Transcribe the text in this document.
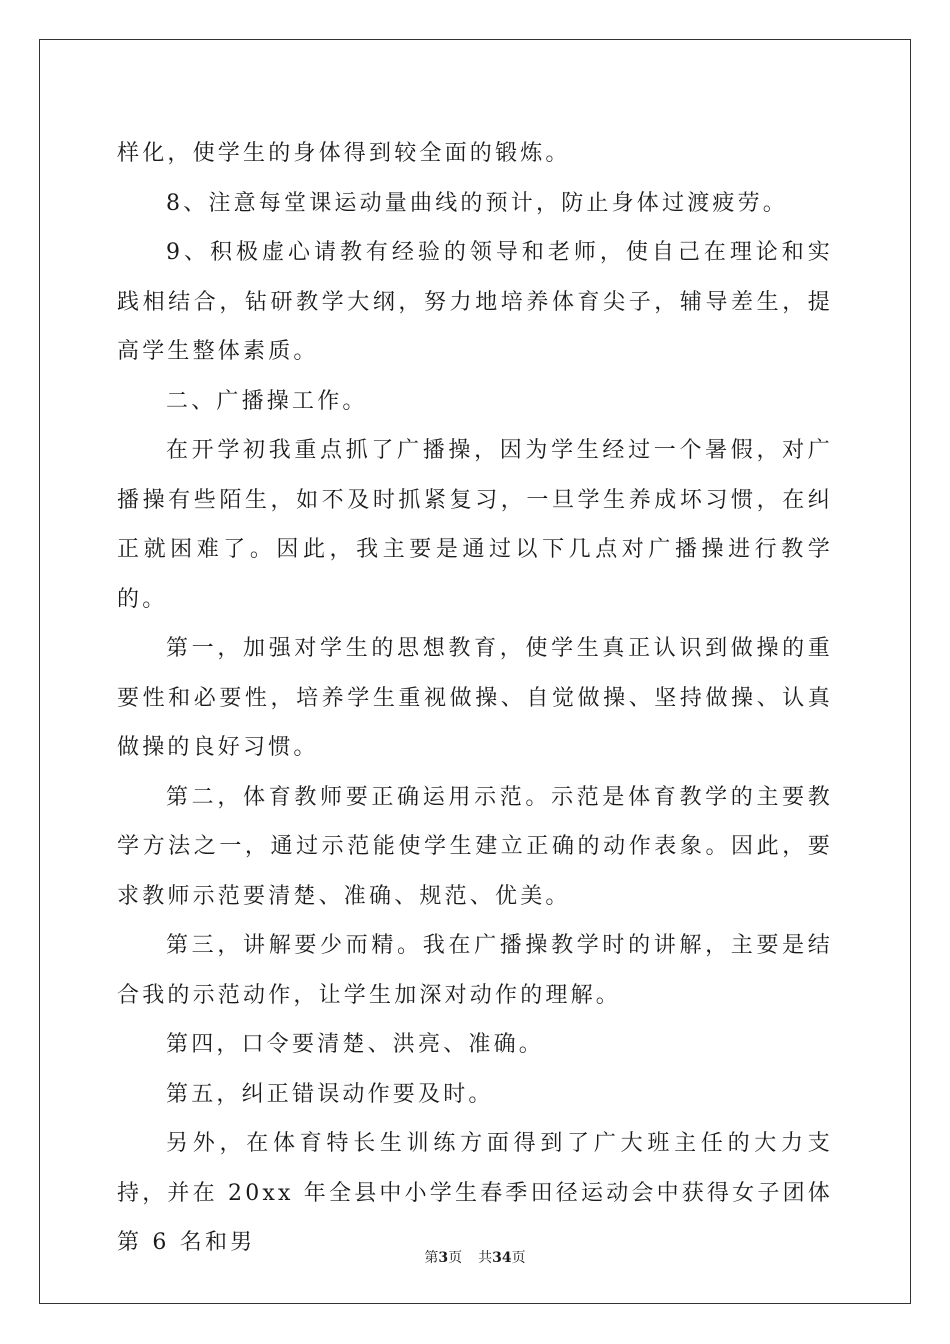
样化，使学生的身体得到较全面的锻炼。

8、注意每堂课运动量曲线的预计，防止身体过渡疲劳。

9、积极虚心请教有经验的领导和老师，使自己在理论和实践相结合，钻研教学大纲，努力地培养体育尖子，辅导差生，提高学生整体素质。

二、广播操工作。

在开学初我重点抓了广播操，因为学生经过一个暑假，对广播操有些陌生，如不及时抓紧复习，一旦学生养成坏习惯，在纠正就困难了。因此，我主要是通过以下几点对广播操进行教学的。

第一，加强对学生的思想教育，使学生真正认识到做操的重要性和必要性，培养学生重视做操、自觉做操、坚持做操、认真做操的良好习惯。

第二，体育教师要正确运用示范。示范是体育教学的主要教学方法之一，通过示范能使学生建立正确的动作表象。因此，要求教师示范要清楚、准确、规范、优美。

第三，讲解要少而精。我在广播操教学时的讲解，主要是结合我的示范动作，让学生加深对动作的理解。

第四，口令要清楚、洪亮、准确。

第五，纠正错误动作要及时。

另外，在体育特长生训练方面得到了广大班主任的大力支持，并在 20xx 年全县中小学生春季田径运动会中获得女子团体第 6 名和男

第3页 共34页
